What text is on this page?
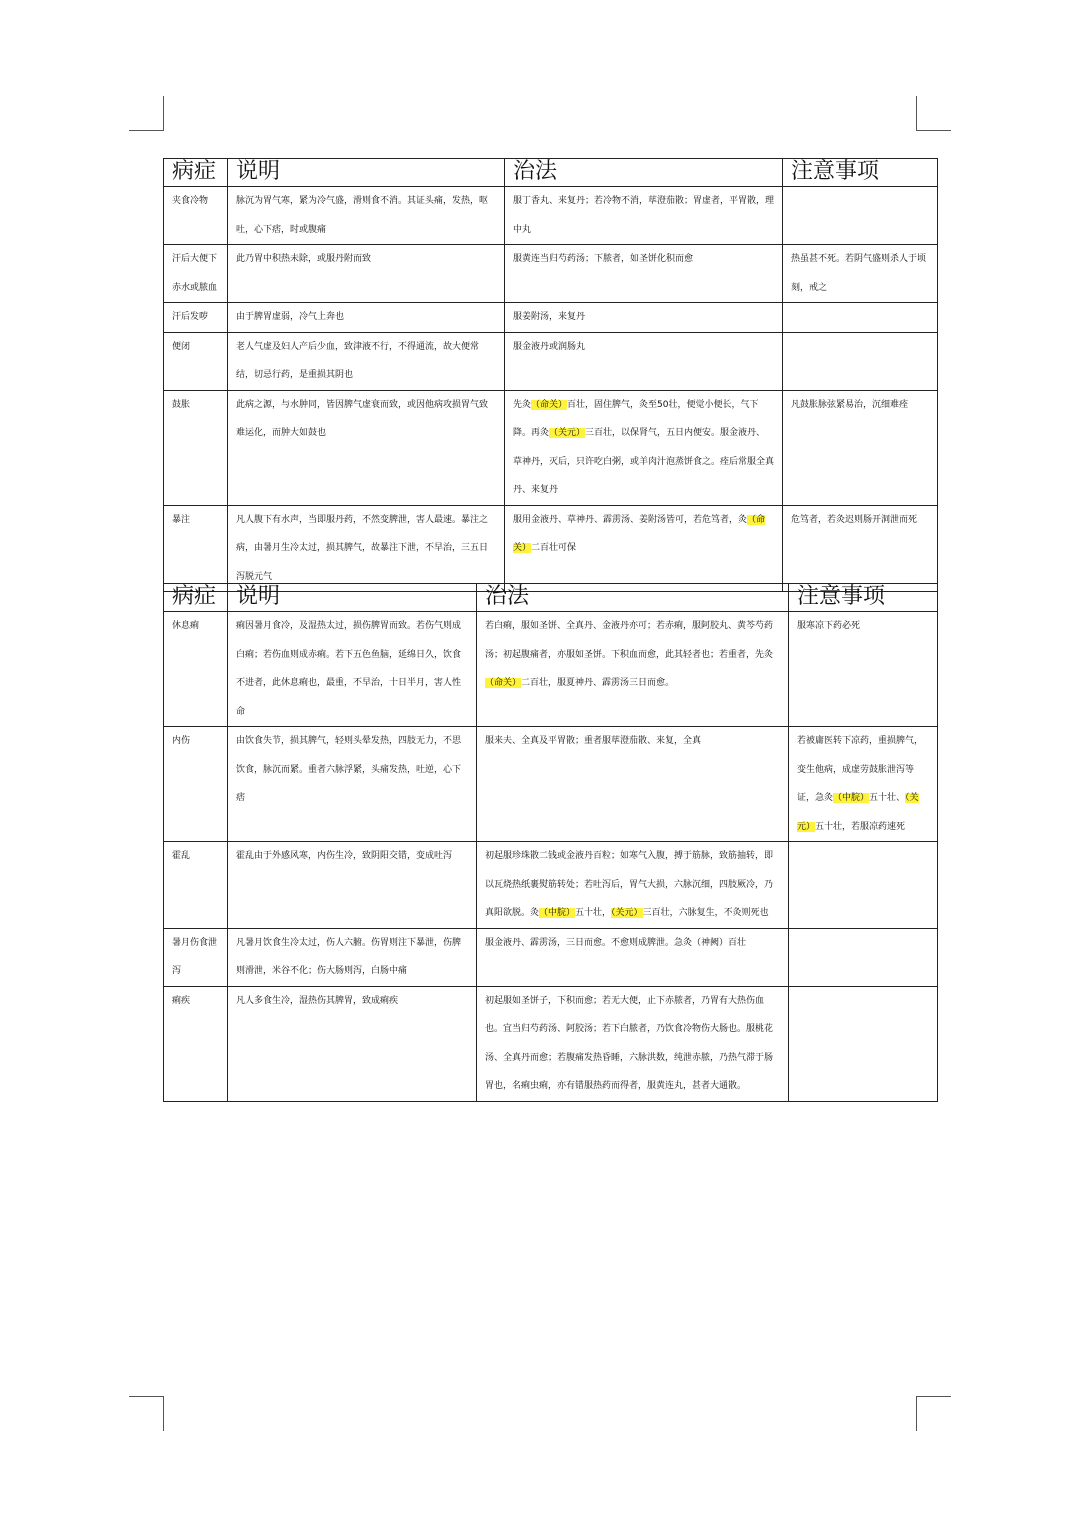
病症	说明	治法	注意事项
夹食冷物	脉沉为胃气寒，紧为冷气盛，滑则食不消。其证头痛，发热，呕吐，心下痞，时或腹痛	服丁香丸、来复丹；若冷物不消，荜澄茄散；胃虚者，平胃散，理中丸	
汗后大便下赤水或脓血	此乃胃中积热未除，或服丹附而致	服黄连当归芍药汤；下脓者，如圣饼化积而愈	热虽甚不死。若阴气盛则杀人于顷刻，戒之
汗后发哕	由于脾胃虚弱，冷气上奔也	服姜附汤，来复丹	
便闭	老人气虚及妇人产后少血，致津液不行，不得通流，故大便常结，切忌行药，是重损其阴也	服金液丹或润肠丸	
鼓胀	此病之源，与水肿同，皆因脾气虚衰而致，或因他病攻损胃气致难运化，而肿大如鼓也	先灸（命关）百壮，固住脾气，灸至50壮，便觉小便长，气下降。再灸（关元）三百壮，以保肾气，五日内便安。服金液丹、草神丹，灭后，只许吃白粥，或羊肉汁泡蒸饼食之。痊后常服全真丹、来复丹	凡鼓胀脉弦紧易治，沉细难痊
暴注	凡人腹下有水声，当即服丹药，不然变脾泄，害人最速。暴注之病，由暑月生冷太过，损其脾气，故暴注下泄，不早治，三五日泻脱元气	服用金液丹、草神丹、霹雳汤、姜附汤皆可，若危笃者，灸（命关）二百壮可保	危笃者，若灸迟则肠开洞泄而死
病症	说明	治法	注意事项
休息痢	痢因暑月食冷，及湿热太过，损伤脾胃而致。若伤气则成白痢；若伤血则成赤痢。若下五色鱼脑，延绵日久，饮食不进者，此休息痢也，最重，不早治，十日半月，害人性命	若白痢，服如圣饼、全真丹、金液丹亦可；若赤痢，服阿胶丸、黄芩芍药汤；初起腹痛者，亦服如圣饼。下积血而愈，此其轻者也；若重者，先灸（命关）二百壮，服夏神丹、霹雳汤三日而愈。	服寒凉下药必死
内伤	由饮食失节，损其脾气，轻则头晕发热，四肢无力，不思饮食，脉沉而紧。重者六脉浮紧，头痛发热，吐逆，心下痞	服来夫、全真及平胃散；重者服荜澄茄散、来复，全真	若被庸医转下凉药，重损脾气，变生他病，成虚劳鼓胀泄泻等证，急灸（中脘）五十壮、（关元）五十壮，若服凉药速死
霍乱	霍乱由于外感风寒，内伤生冷，致阴阳交错，变成吐泻	初起服珍珠散二钱或金液丹百粒；如寒气入腹，搏于筋脉，致筋抽转，即以瓦烧热纸裹熨筋转处；若吐泻后，胃气大损，六脉沉细，四肢厥冷，乃真阳欲脱。灸（中脘）五十壮，（关元）三百壮，六脉复生，不灸则死也	
暑月伤食泄泻	凡暑月饮食生冷太过，伤人六腑。伤胃则注下暴泄，伤脾则滑泄，米谷不化；伤大肠则泻，白肠中痛	服金液丹、霹雳汤，三日而愈。不愈则成脾泄。急灸（神阙）百壮	
痢疾	凡人多食生冷，湿热伤其脾胃，致成痢疾	初起服如圣饼子，下积而愈；若无大便，止下赤脓者，乃胃有大热伤血也。宜当归芍药汤、阿胶汤；若下白脓者，乃饮食冷物伤大肠也。服桃花汤、全真丹而愈；若腹痛发热昏睡，六脉洪数，纯泄赤脓，乃热气滞于肠胃也，名痢虫痢，亦有错服热药而得者，服黄连丸，甚者大通散。	
